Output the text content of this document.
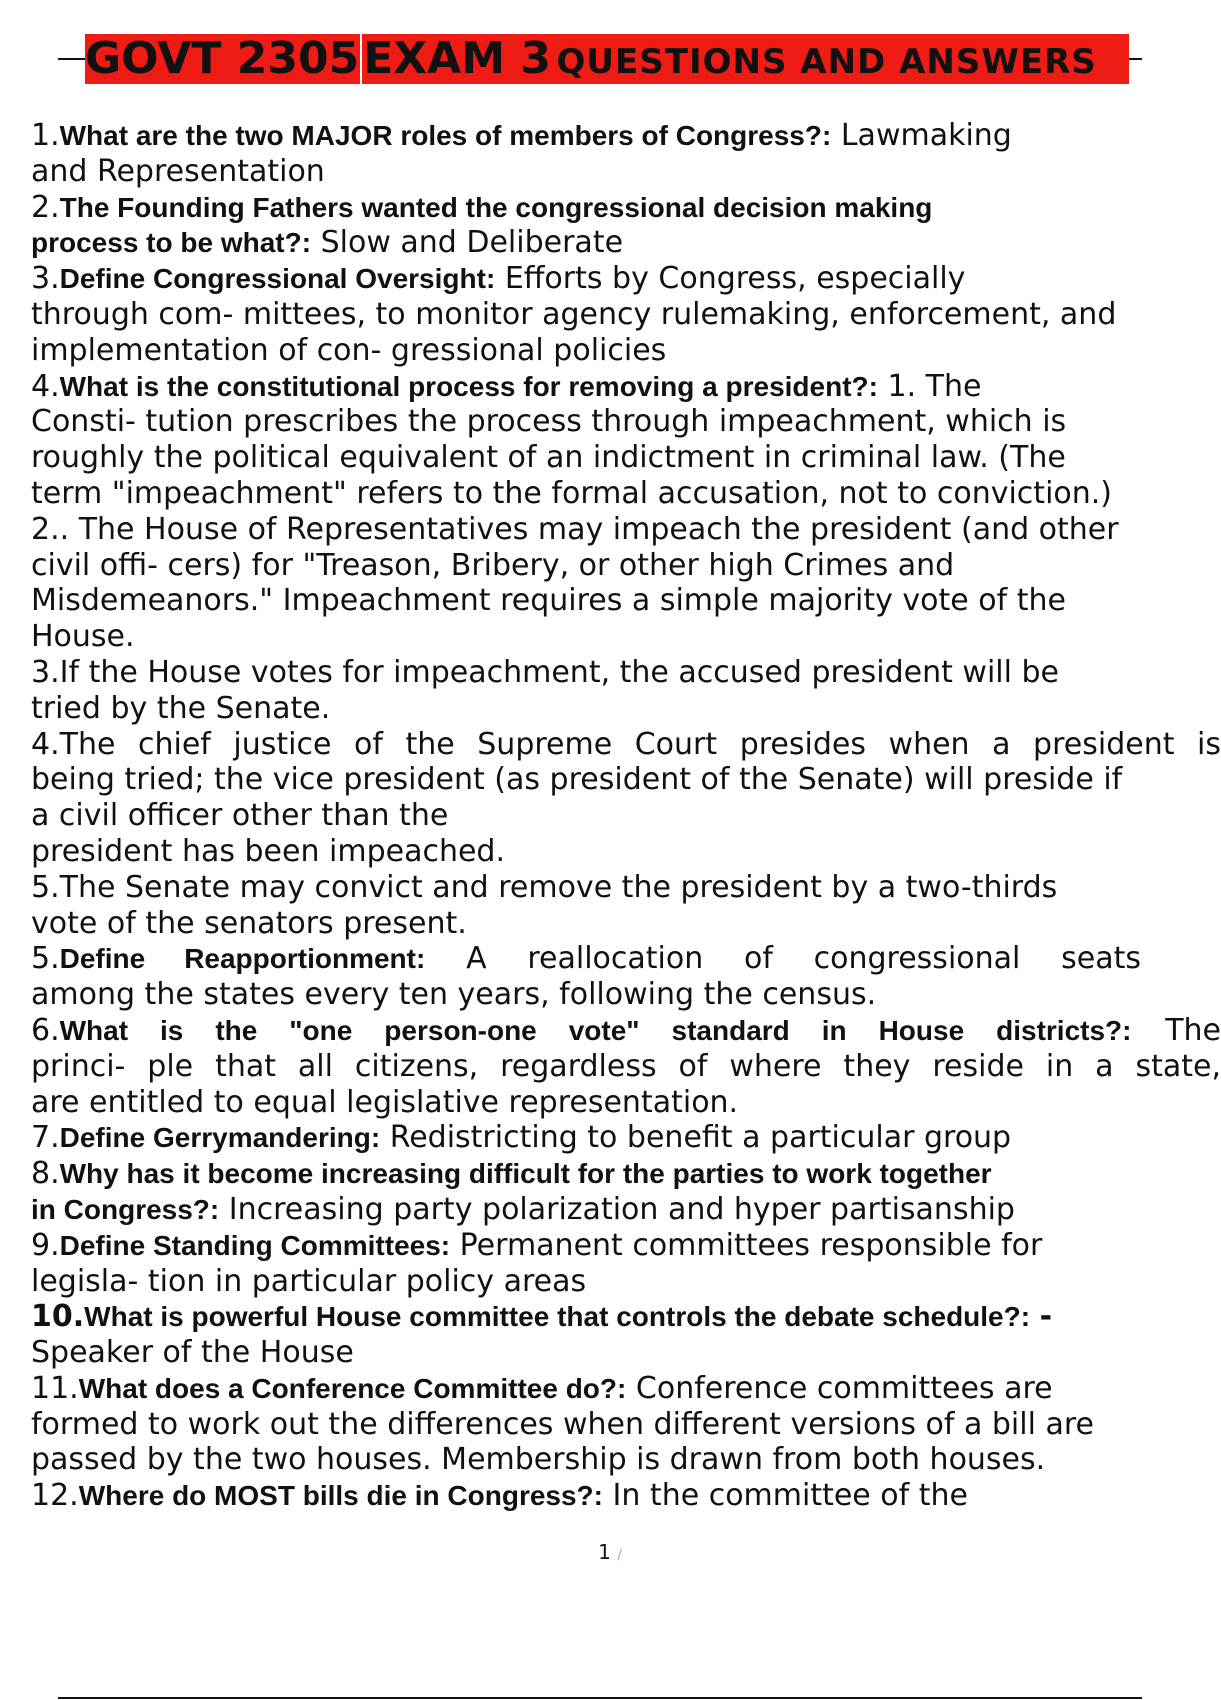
GOVT 2305EXAM 3 QUESTIONS AND ANSWERS

1.What are the two MAJOR roles of members of Congress?: Lawmaking

and Representation

2.The Founding Fathers wanted the congressional decision making

process to be what?: Slow and Deliberate

3.Define Congressional Oversight: Efforts by Congress, especially

through com- mittees, to monitor agency rulemaking, enforcement, and

implementation of con- gressional policies

4.What is the constitutional process for removing a president?: 1. The

Consti- tution prescribes the process through impeachment, which is

roughly the political equivalent of an indictment in criminal law. (The

term "impeachment" refers to the formal accusation, not to conviction.)

2.. The House of Representatives may impeach the president (and other

civil offi- cers) for "Treason, Bribery, or other high Crimes and

Misdemeanors." Impeachment requires a simple majority vote of the

House.

3.If the House votes for impeachment, the accused president will be

tried by the Senate.

4.The chief justice of the Supreme Court presides when a president is

being tried; the vice president (as president of the Senate) will preside if

a civil officer other than the

president has been impeached.

5.The Senate may convict and remove the president by a two-thirds

vote of the senators present.

5.Define Reapportionment: A reallocation of congressional seats

among the states every ten years, following the census.

6.What is the "one person-one vote" standard in House districts?: The

princi- ple that all citizens, regardless of where they reside in a state,

are entitled to equal legislative representation.

7.Define Gerrymandering: Redistricting to benefit a particular group

8.Why has it become increasing difficult for the parties to work together

in Congress?: Increasing party polarization and hyper partisanship

9.Define Standing Committees: Permanent committees responsible for

legisla- tion in particular policy areas

10.What is powerful House committee that controls the debate schedule?: -

Speaker of the House

11.What does a Conference Committee do?: Conference committees are

formed to work out the differences when different versions of a bill are

passed by the two houses. Membership is drawn from both houses.

12.Where do MOST bills die in Congress?: In the committee of the

1 /
